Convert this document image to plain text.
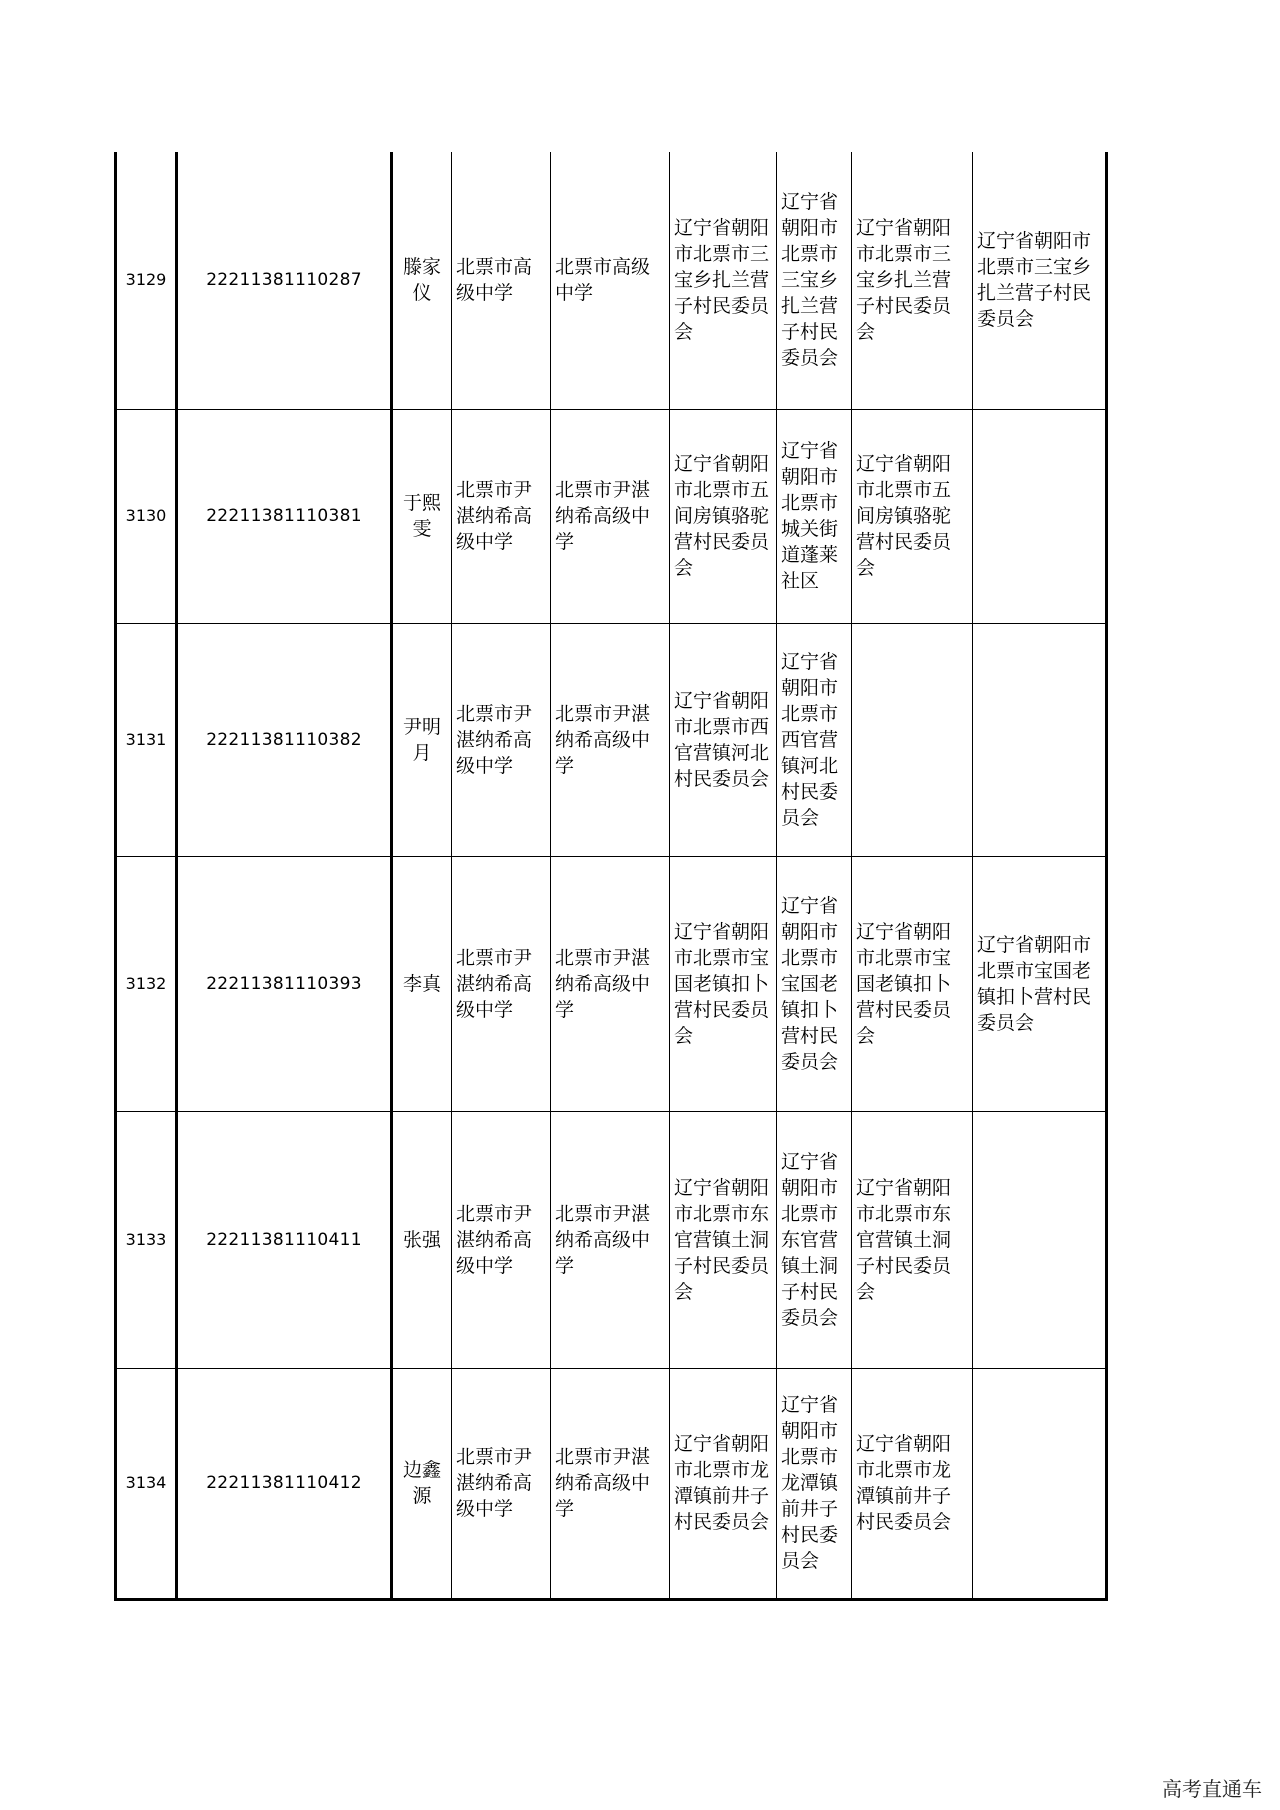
3129	22211381110287	滕家仪	北票市高级中学	北票市高级中学	辽宁省朝阳市北票市三宝乡扎兰营子村民委员会	辽宁省朝阳市北票市三宝乡扎兰营子村民委员会	辽宁省朝阳市北票市三宝乡扎兰营子村民委员会	辽宁省朝阳市北票市三宝乡扎兰营子村民委员会
3130	22211381110381	于熙雯	北票市尹湛纳希高级中学	北票市尹湛纳希高级中学	辽宁省朝阳市北票市五间房镇骆驼营村民委员会	辽宁省朝阳市北票市城关街道蓬莱社区	辽宁省朝阳市北票市五间房镇骆驼营村民委员会	
3131	22211381110382	尹明月	北票市尹湛纳希高级中学	北票市尹湛纳希高级中学	辽宁省朝阳市北票市西官营镇河北村民委员会	辽宁省朝阳市北票市西官营镇河北村民委员会		
3132	22211381110393	李真	北票市尹湛纳希高级中学	北票市尹湛纳希高级中学	辽宁省朝阳市北票市宝国老镇扣卜营村民委员会	辽宁省朝阳市北票市宝国老镇扣卜营村民委员会	辽宁省朝阳市北票市宝国老镇扣卜营村民委员会	辽宁省朝阳市北票市宝国老镇扣卜营村民委员会
3133	22211381110411	张强	北票市尹湛纳希高级中学	北票市尹湛纳希高级中学	辽宁省朝阳市北票市东官营镇土洞子村民委员会	辽宁省朝阳市北票市东官营镇土洞子村民委员会	辽宁省朝阳市北票市东官营镇土洞子村民委员会	
3134	22211381110412	边鑫源	北票市尹湛纳希高级中学	北票市尹湛纳希高级中学	辽宁省朝阳市北票市龙潭镇前井子村民委员会	辽宁省朝阳市北票市龙潭镇前井子村民委员会	辽宁省朝阳市北票市龙潭镇前井子村民委员会	
高考直通车
